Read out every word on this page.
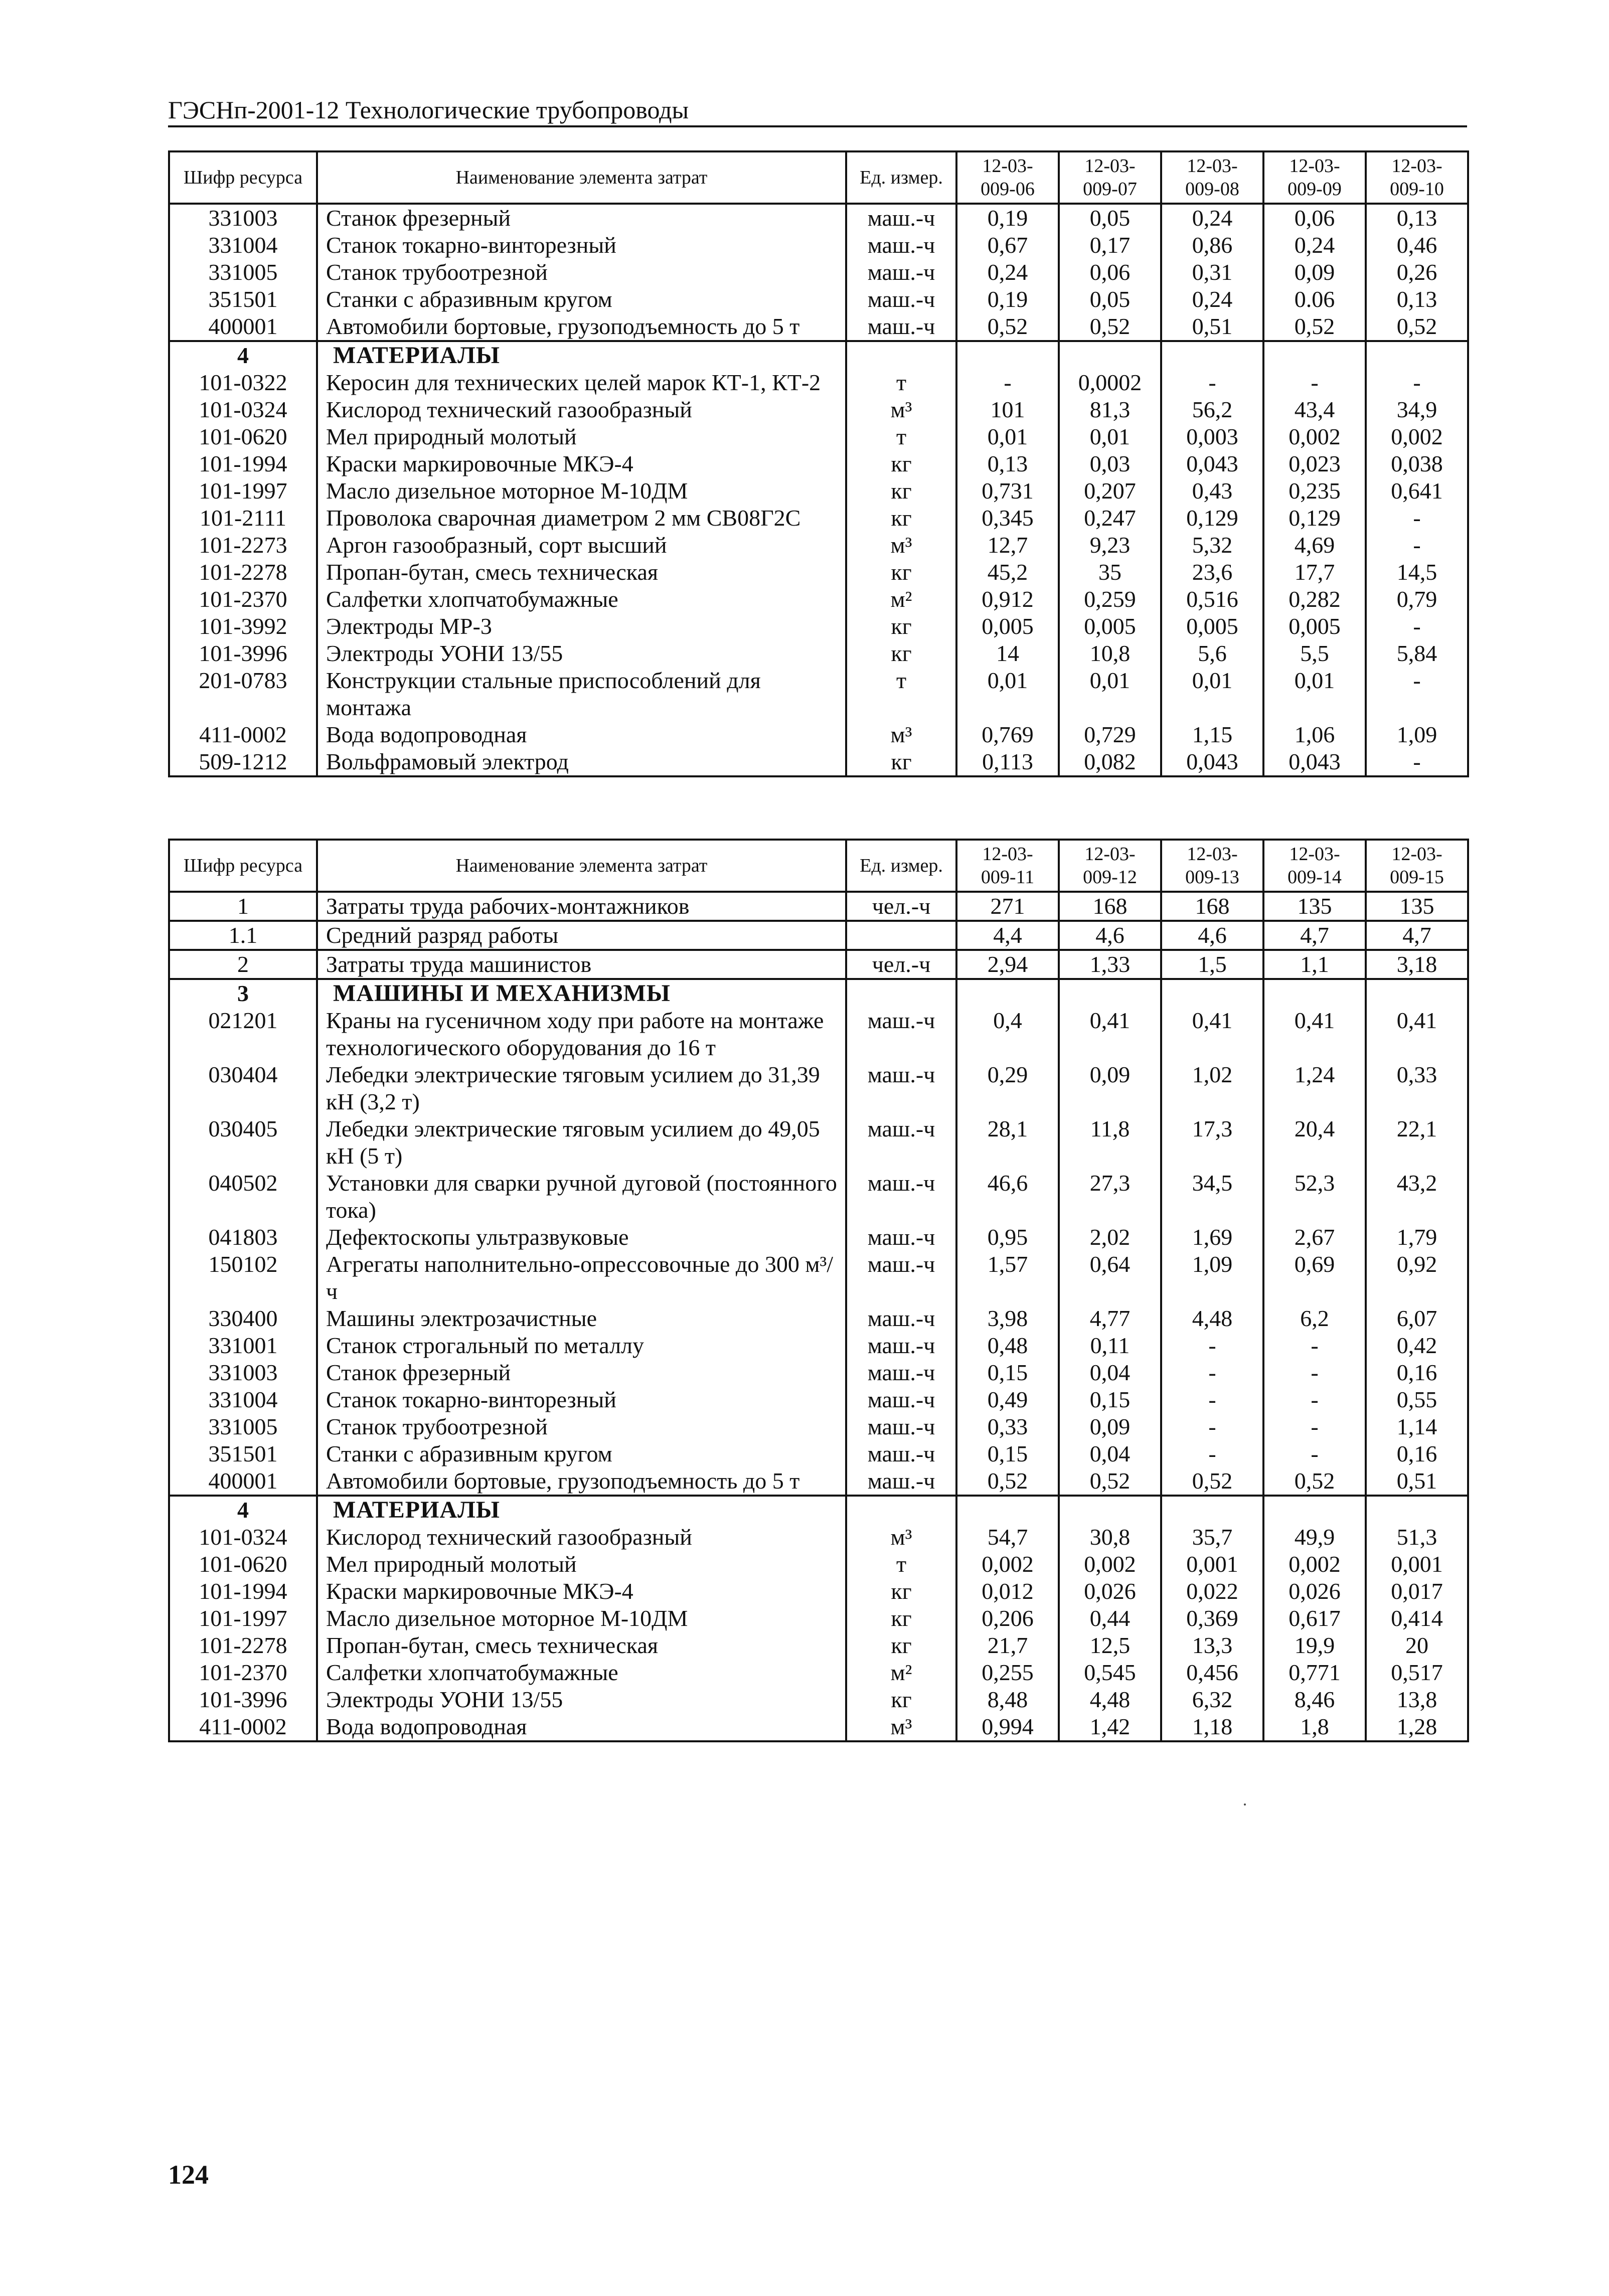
ГЭСНп-2001-12 Технологические трубопроводы
Шифр ресурса	Наименование элемента затрат	Ед. измер.	12-03-
009-06	12-03-
009-07	12-03-
009-08	12-03-
009-09	12-03-
009-10
331003	Станок фрезерный	маш.-ч	0,19	0,05	0,24	0,06	0,13
331004	Станок токарно-винторезный	маш.-ч	0,67	0,17	0,86	0,24	0,46
331005	Станок трубоотрезной	маш.-ч	0,24	0,06	0,31	0,09	0,26
351501	Станки с абразивным кругом	маш.-ч	0,19	0,05	0,24	0.06	0,13
400001	Автомобили бортовые, грузоподъемность до 5 т	маш.-ч	0,52	0,52	0,51	0,52	0,52
4	МАТЕРИАЛЫ						
101-0322	Керосин для технических целей марок КТ-1, КТ-2	т	-	0,0002	-	-	-
101-0324	Кислород технический газообразный	м³	101	81,3	56,2	43,4	34,9
101-0620	Мел природный молотый	т	0,01	0,01	0,003	0,002	0,002
101-1994	Краски маркировочные МКЭ-4	кг	0,13	0,03	0,043	0,023	0,038
101-1997	Масло дизельное моторное М-10ДМ	кг	0,731	0,207	0,43	0,235	0,641
101-2111	Проволока сварочная диаметром 2 мм СВ08Г2С	кг	0,345	0,247	0,129	0,129	-
101-2273	Аргон газообразный, сорт высший	м³	12,7	9,23	5,32	4,69	-
101-2278	Пропан-бутан, смесь техническая	кг	45,2	35	23,6	17,7	14,5
101-2370	Салфетки хлопчатобумажные	м²	0,912	0,259	0,516	0,282	0,79
101-3992	Электроды МР-3	кг	0,005	0,005	0,005	0,005	-
101-3996	Электроды УОНИ 13/55	кг	14	10,8	5,6	5,5	5,84
201-0783	Конструкции стальные приспособлений для монтажа	т	0,01	0,01	0,01	0,01	-
411-0002	Вода водопроводная	м³	0,769	0,729	1,15	1,06	1,09
509-1212	Вольфрамовый электрод	кг	0,113	0,082	0,043	0,043	-
Шифр ресурса	Наименование элемента затрат	Ед. измер.	12-03-
009-11	12-03-
009-12	12-03-
009-13	12-03-
009-14	12-03-
009-15
1	Затраты труда рабочих-монтажников	чел.-ч	271	168	168	135	135
1.1	Средний разряд работы		4,4	4,6	4,6	4,7	4,7
2	Затраты труда машинистов	чел.-ч	2,94	1,33	1,5	1,1	3,18
3	МАШИНЫ И МЕХАНИЗМЫ						
021201	Краны на гусеничном ходу при работе на монтаже технологического оборудования до 16 т	маш.-ч	0,4	0,41	0,41	0,41	0,41
030404	Лебедки электрические тяговым усилием до 31,39 кН (3,2 т)	маш.-ч	0,29	0,09	1,02	1,24	0,33
030405	Лебедки электрические тяговым усилием до 49,05 кН (5 т)	маш.-ч	28,1	11,8	17,3	20,4	22,1
040502	Установки для сварки ручной дуговой (постоянного тока)	маш.-ч	46,6	27,3	34,5	52,3	43,2
041803	Дефектоскопы ультразвуковые	маш.-ч	0,95	2,02	1,69	2,67	1,79
150102	Агрегаты наполнительно-опрессовочные до 300 м³/ч	маш.-ч	1,57	0,64	1,09	0,69	0,92
330400	Машины электрозачистные	маш.-ч	3,98	4,77	4,48	6,2	6,07
331001	Станок строгальный по металлу	маш.-ч	0,48	0,11	-	-	0,42
331003	Станок фрезерный	маш.-ч	0,15	0,04	-	-	0,16
331004	Станок токарно-винторезный	маш.-ч	0,49	0,15	-	-	0,55
331005	Станок трубоотрезной	маш.-ч	0,33	0,09	-	-	1,14
351501	Станки с абразивным кругом	маш.-ч	0,15	0,04	-	-	0,16
400001	Автомобили бортовые, грузоподъемность до 5 т	маш.-ч	0,52	0,52	0,52	0,52	0,51
4	МАТЕРИАЛЫ						
101-0324	Кислород технический газообразный	м³	54,7	30,8	35,7	49,9	51,3
101-0620	Мел природный молотый	т	0,002	0,002	0,001	0,002	0,001
101-1994	Краски маркировочные МКЭ-4	кг	0,012	0,026	0,022	0,026	0,017
101-1997	Масло дизельное моторное М-10ДМ	кг	0,206	0,44	0,369	0,617	0,414
101-2278	Пропан-бутан, смесь техническая	кг	21,7	12,5	13,3	19,9	20
101-2370	Салфетки хлопчатобумажные	м²	0,255	0,545	0,456	0,771	0,517
101-3996	Электроды УОНИ 13/55	кг	8,48	4,48	6,32	8,46	13,8
411-0002	Вода водопроводная	м³	0,994	1,42	1,18	1,8	1,28
124
